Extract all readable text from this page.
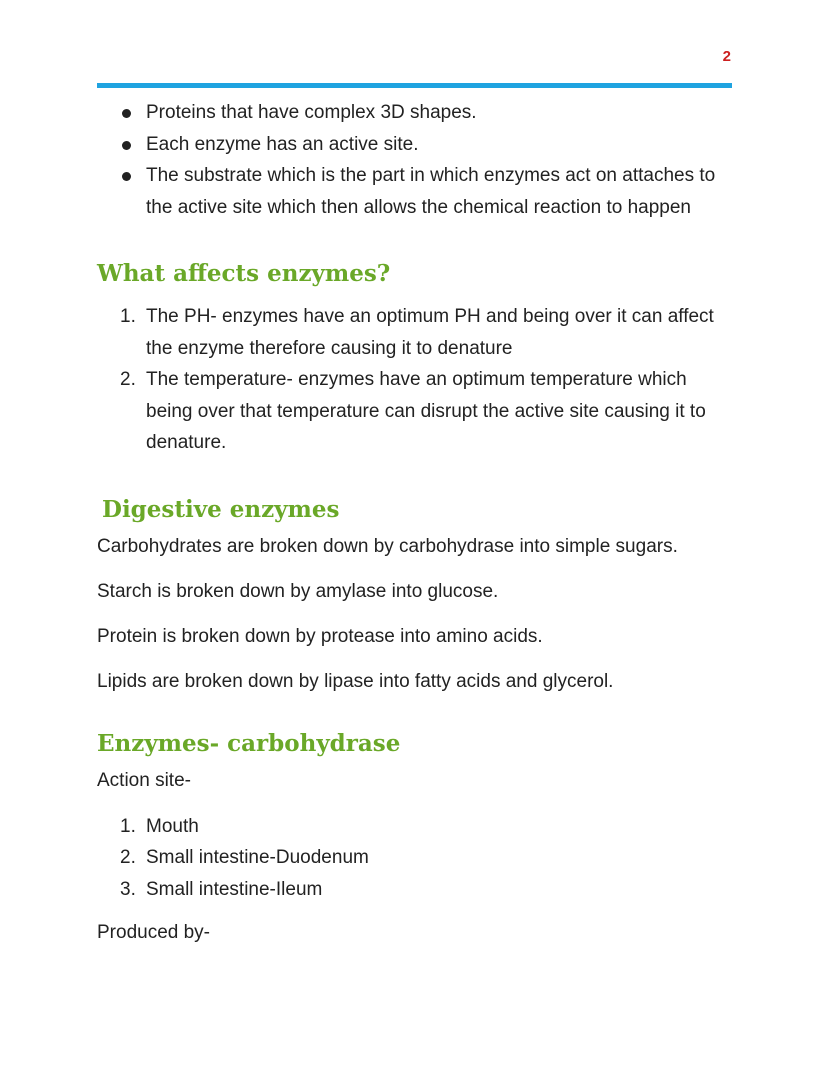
2
Proteins that have complex 3D shapes.
Each enzyme has an active site.
The substrate which is the part in which enzymes act on attaches to the active site which then allows the chemical reaction to happen
What affects enzymes?
1. The PH- enzymes have an optimum PH and being over it can affect the enzyme therefore causing it to denature
2. The temperature- enzymes have an optimum temperature which being over that temperature can disrupt the active site causing it to denature.
Digestive enzymes

Carbohydrates are broken down by carbohydrase into simple sugars.

Starch is broken down by amylase into glucose.

Protein is broken down by protease into amino acids.

Lipids are broken down by lipase into fatty acids and glycerol.

Enzymes- carbohydrase

Action site-

1. Mouth
2. Small intestine-Duodenum
3. Small intestine-Ileum

Produced by-
